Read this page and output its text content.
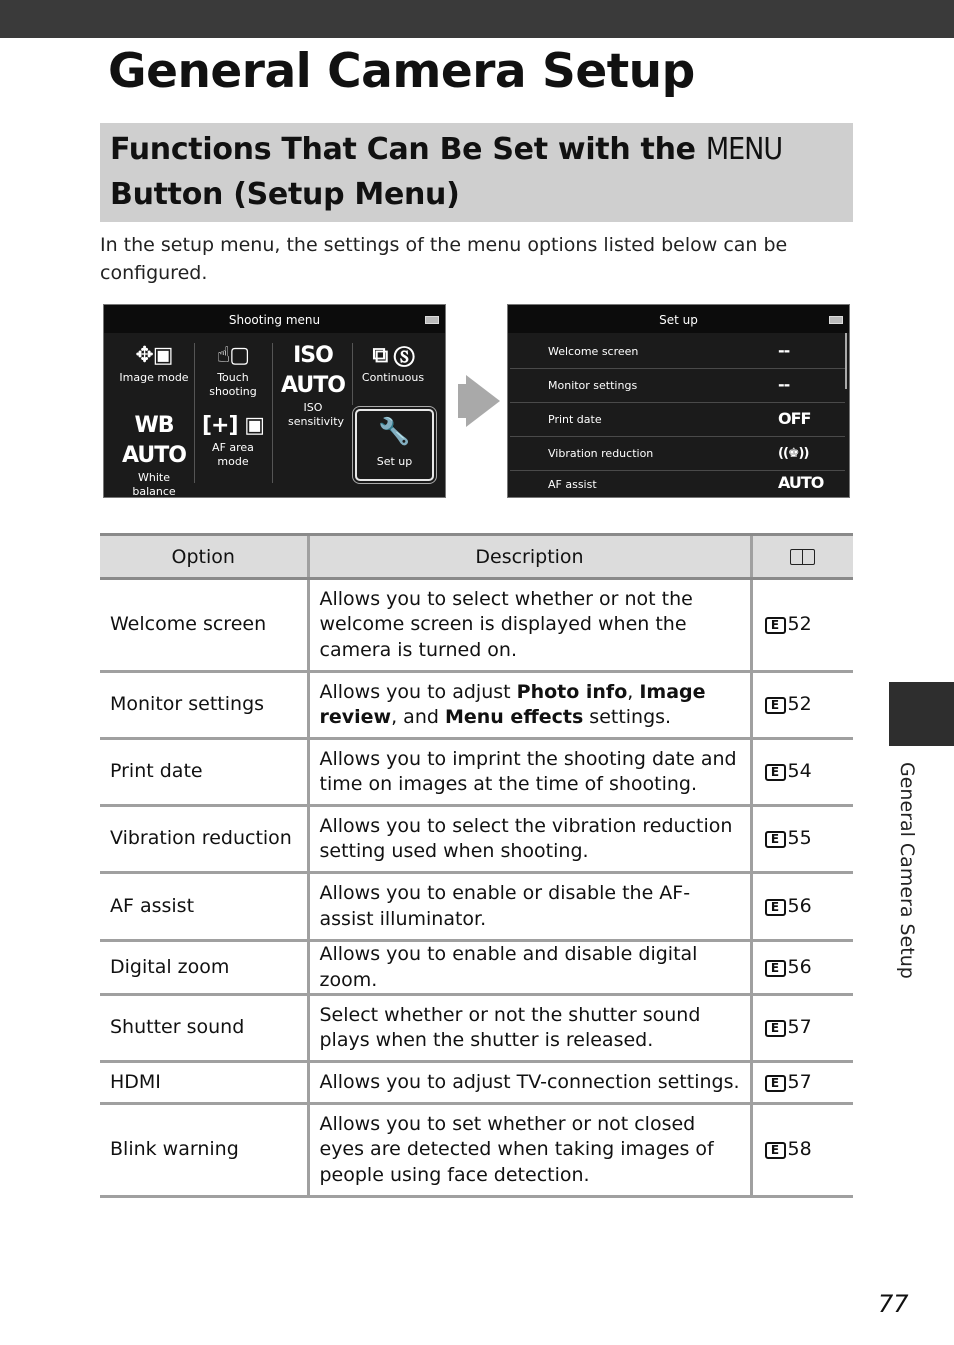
General Camera Setup
Functions That Can Be Set with the MENU
Button (Setup Menu)

In the setup menu, the settings of the menu options listed below can be configured.

Shooting menu
✥▣
Image mode
☝▢
Touch shooting
ISO AUTO
ISO sensitivity
⧉ Ⓢ
Continuous
WB AUTO
White balance
[+] ▣
AF area mode
🔧
Set up
Set up
Welcome screen	--
Monitor settings	--
Print date	OFF
Vibration reduction	((♚))
AF assist	AUTO
Option	Description	
Welcome screen	Allows you to select whether or not the welcome screen is displayed when the camera is turned on.	E 52
Monitor settings	Allows you to adjust Photo info, Image review, and Menu effects settings.	E 52
Print date	Allows you to imprint the shooting date and time on images at the time of shooting.	E 54
Vibration reduction	Allows you to select the vibration reduction setting used when shooting.	E 55
AF assist	Allows you to enable or disable the AF-assist illuminator.	E 56
Digital zoom	Allows you to enable and disable digital zoom.	E 56
Shutter sound	Select whether or not the shutter sound plays when the shutter is released.	E 57
HDMI	Allows you to adjust TV-connection settings.	E 57
Blink warning	Allows you to set whether or not closed eyes are detected when taking images of people using face detection.	E 58
General Camera Setup
77
